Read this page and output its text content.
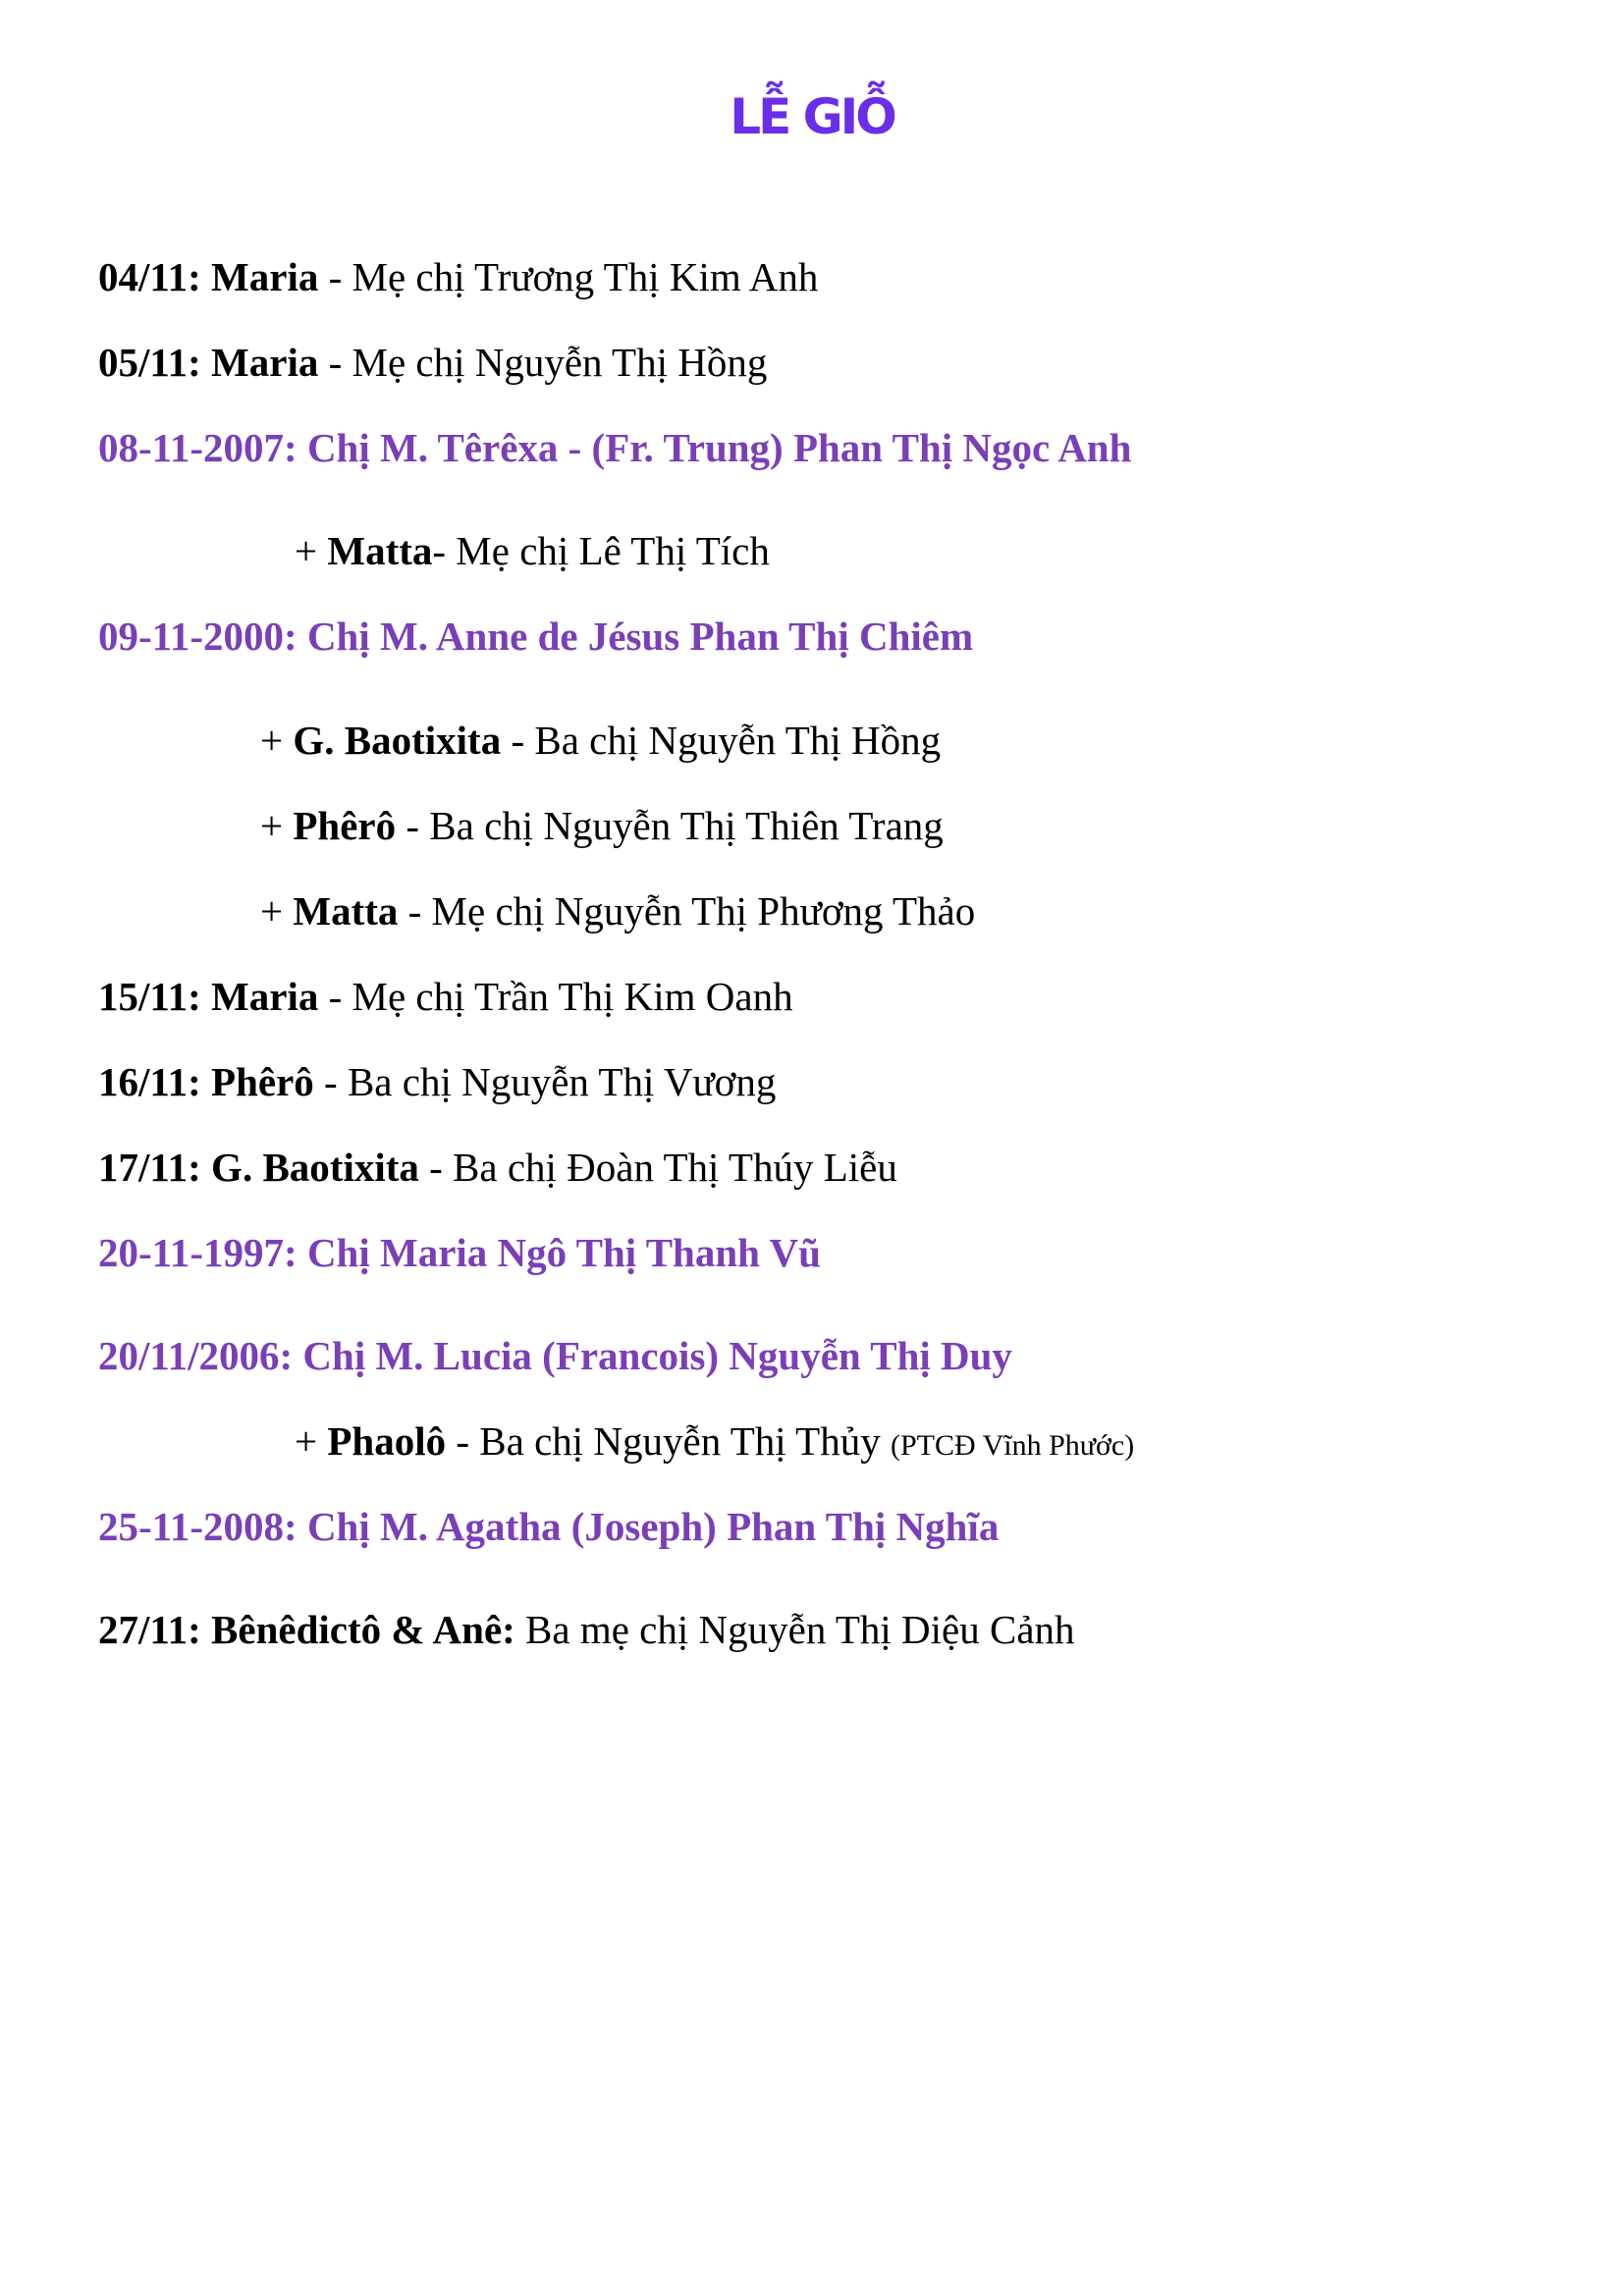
LỄ GIỖ
04/11: Maria - Mẹ chị Trương Thị Kim Anh
05/11: Maria - Mẹ chị Nguyễn Thị Hồng
08-11-2007: Chị M. Têrêxa - (Fr. Trung) Phan Thị Ngọc Anh
+ Matta- Mẹ chị Lê Thị Tích
09-11-2000: Chị M. Anne de Jésus Phan Thị Chiêm
+ G. Baotixita - Ba chị Nguyễn Thị Hồng
+ Phêrô - Ba chị Nguyễn Thị Thiên Trang
+ Matta - Mẹ chị Nguyễn Thị Phương Thảo
15/11: Maria - Mẹ chị Trần Thị Kim Oanh
16/11: Phêrô - Ba chị Nguyễn Thị Vương
17/11: G. Baotixita - Ba chị Đoàn Thị Thúy Liễu
20-11-1997: Chị Maria Ngô Thị Thanh Vũ
20/11/2006: Chị M. Lucia (Francois) Nguyễn Thị Duy
+ Phaolô - Ba chị Nguyễn Thị Thủy (PTCĐ Vĩnh Phước)
25-11-2008: Chị M. Agatha (Joseph) Phan Thị Nghĩa
27/11: Bênêdictô & Anê: Ba mẹ chị Nguyễn Thị Diệu Cảnh
